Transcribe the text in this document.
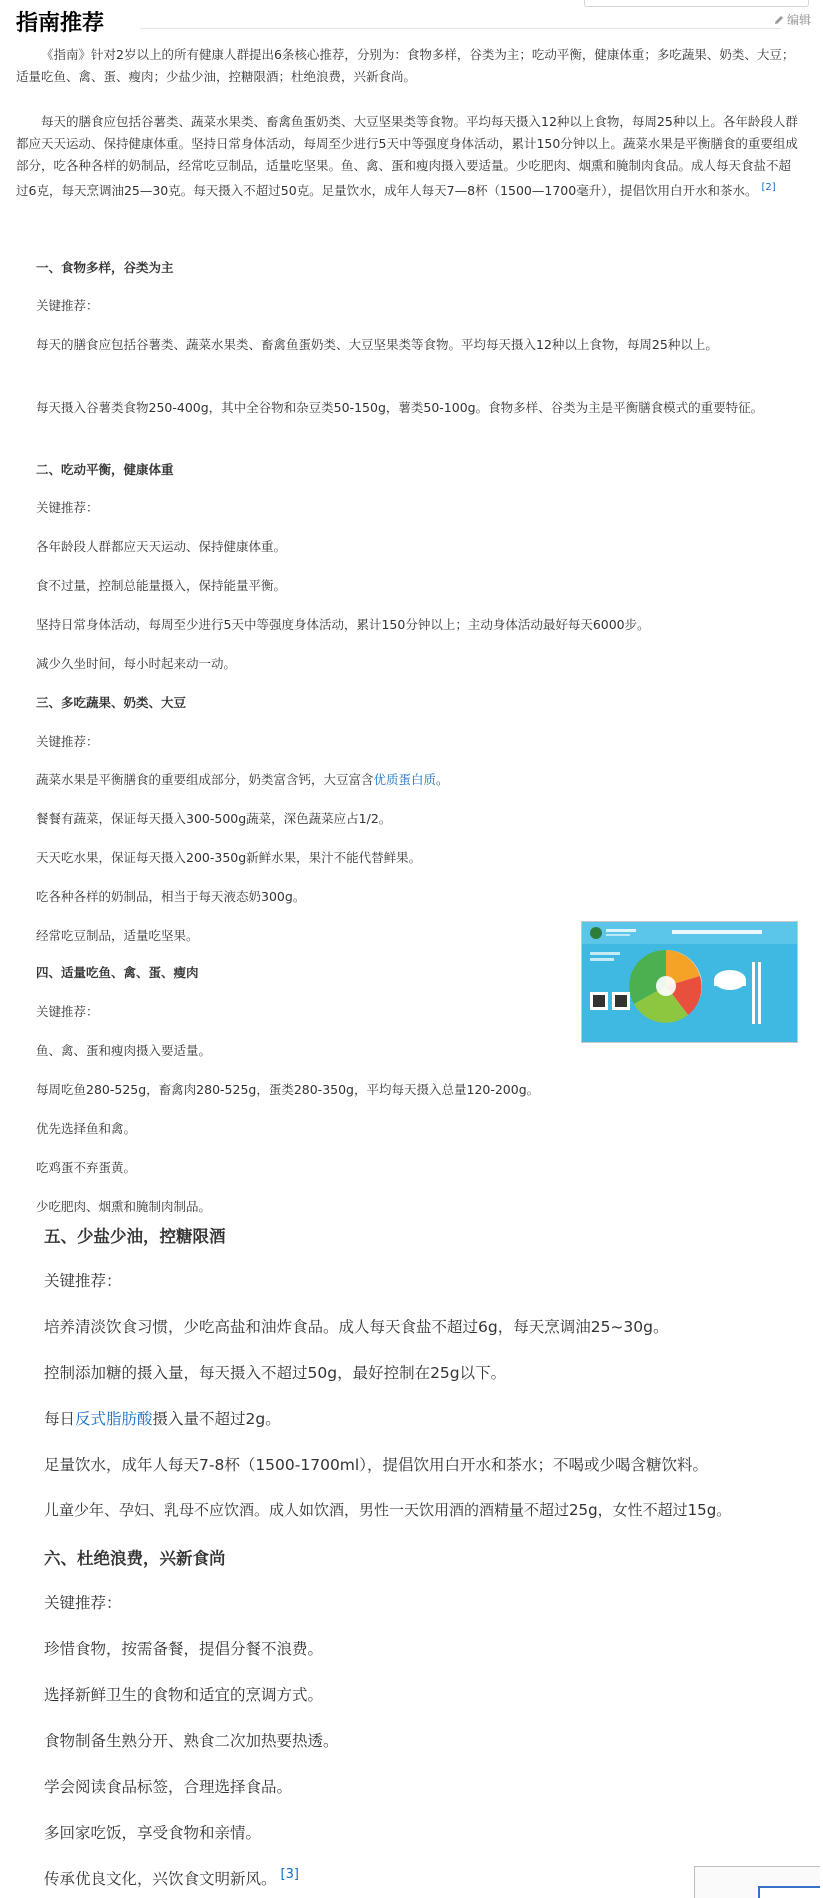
指南推荐	编辑

《指南》针对2岁以上的所有健康人群提出6条核心推荐，分别为：食物多样，谷类为主；吃动平衡，健康体重；多吃蔬果、奶类、大豆；适量吃鱼、禽、蛋、瘦肉；少盐少油，控糖限酒；杜绝浪费，兴新食尚。

每天的膳食应包括谷薯类、蔬菜水果类、畜禽鱼蛋奶类、大豆坚果类等食物。平均每天摄入12种以上食物，每周25种以上。各年龄段人群都应天天运动、保持健康体重。坚持日常身体活动，每周至少进行5天中等强度身体活动，累计150分钟以上。蔬菜水果是平衡膳食的重要组成部分，吃各种各样的奶制品，经常吃豆制品，适量吃坚果。鱼、禽、蛋和瘦肉摄入要适量。少吃肥肉、烟熏和腌制肉食品。成人每天食盐不超过6克，每天烹调油25—30克。每天摄入不超过50克。足量饮水，成年人每天7—8杯（1500—1700毫升），提倡饮用白开水和茶水。 [2]

一、食物多样，谷类为主
关键推荐：
每天的膳食应包括谷薯类、蔬菜水果类、畜禽鱼蛋奶类、大豆坚果类等食物。平均每天摄入12种以上食物，每周25种以上。
每天摄入谷薯类食物250-400g，其中全谷物和杂豆类50-150g，薯类50-100g。食物多样、谷类为主是平衡膳食模式的重要特征。
二、吃动平衡，健康体重
关键推荐：
各年龄段人群都应天天运动、保持健康体重。
食不过量，控制总能量摄入，保持能量平衡。
坚持日常身体活动，每周至少进行5天中等强度身体活动，累计150分钟以上；主动身体活动最好每天6000步。
减少久坐时间，每小时起来动一动。
三、多吃蔬果、奶类、大豆
关键推荐：
蔬菜水果是平衡膳食的重要组成部分，奶类富含钙，大豆富含优质蛋白质。
餐餐有蔬菜，保证每天摄入300-500g蔬菜，深色蔬菜应占1/2。
天天吃水果，保证每天摄入200-350g新鲜水果，果汁不能代替鲜果。
吃各种各样的奶制品，相当于每天液态奶300g。
经常吃豆制品，适量吃坚果。
四、适量吃鱼、禽、蛋、瘦肉
关键推荐：
鱼、禽、蛋和瘦肉摄入要适量。
每周吃鱼280-525g，畜禽肉280-525g，蛋类280-350g，平均每天摄入总量120-200g。
优先选择鱼和禽。
吃鸡蛋不弃蛋黄。
少吃肥肉、烟熏和腌制肉制品。
五、少盐少油，控糖限酒
关键推荐：
培养清淡饮食习惯，少吃高盐和油炸食品。成人每天食盐不超过6g，每天烹调油25~30g。
控制添加糖的摄入量，每天摄入不超过50g，最好控制在25g以下。
每日反式脂肪酸摄入量不超过2g。
足量饮水，成年人每天7-8杯（1500-1700ml），提倡饮用白开水和茶水；不喝或少喝含糖饮料。
儿童少年、孕妇、乳母不应饮酒。成人如饮酒，男性一天饮用酒的酒精量不超过25g，女性不超过15g。
六、杜绝浪费，兴新食尚
关键推荐：
珍惜食物，按需备餐，提倡分餐不浪费。
选择新鲜卫生的食物和适宜的烹调方式。
食物制备生熟分开、熟食二次加热要热透。
学会阅读食品标签，合理选择食品。
多回家吃饭，享受食物和亲情。
传承优良文化，兴饮食文明新风。 [3]
